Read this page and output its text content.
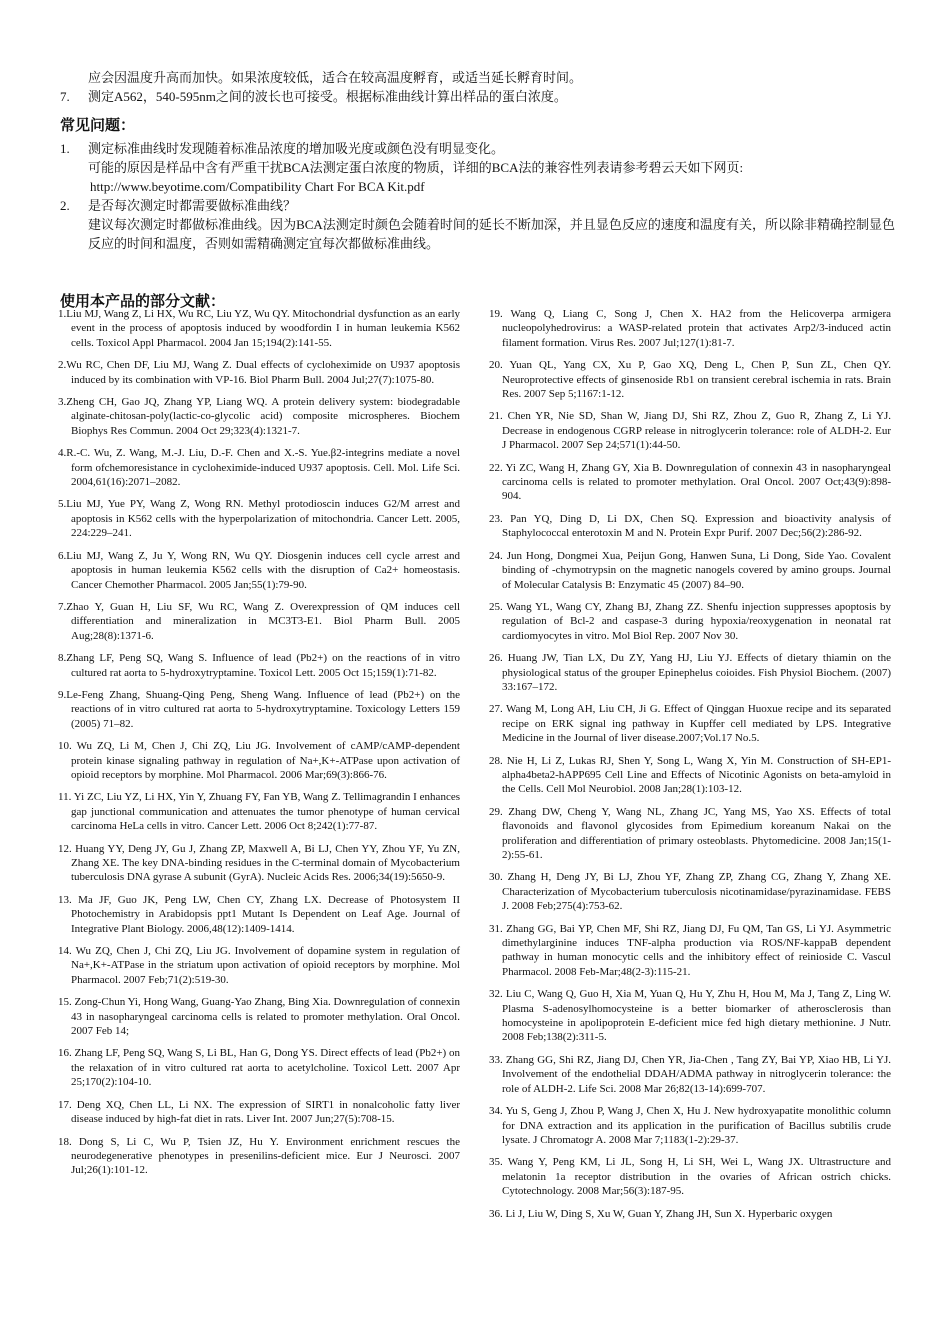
应会因温度升高而加快。如果浓度较低，适合在较高温度孵育，或适当延长孵育时间。
7. 测定A562，540-595nm之间的波长也可接受。根据标准曲线计算出样品的蛋白浓度。
常见问题：
1. 测定标准曲线时发现随着标准品浓度的增加吸光度或颜色没有明显变化。
可能的原因是样品中含有严重干扰BCA法测定蛋白浓度的物质，详细的BCA法的兼容性列表请参考碧云天如下网页:
http://www.beyotime.com/Compatibility Chart For BCA Kit.pdf
2. 是否每次测定时都需要做标准曲线？
建议每次测定时都做标准曲线。因为BCA法测定时颜色会随着时间的延长不断加深，并且显色反应的速度和温度有关，所以除非精确控制显色反应的时间和温度，否则如需精确测定宜每次都做标准曲线。
使用本产品的部分文献：
1.Liu MJ, Wang Z, Li HX, Wu RC, Liu YZ, Wu QY. Mitochondrial dysfunction as an early event in the process of apoptosis induced by woodfordin I in human leukemia K562 cells. Toxicol Appl Pharmacol. 2004 Jan 15;194(2):141-55.
2.Wu RC, Chen DF, Liu MJ, Wang Z. Dual effects of cycloheximide on U937 apoptosis induced by its combination with VP-16. Biol Pharm Bull. 2004 Jul;27(7):1075-80.
3.Zheng CH, Gao JQ, Zhang YP, Liang WQ. A protein delivery system: biodegradable alginate-chitosan-poly(lactic-co-glycolic acid) composite microspheres. Biochem Biophys Res Commun. 2004 Oct 29;323(4):1321-7.
4.R.-C. Wu, Z. Wang, M.-J. Liu, D.-F. Chen and X.-S. Yue.β2-integrins mediate a novel form ofchemoresistance in cycloheximide-induced U937 apoptosis. Cell. Mol. Life Sci. 2004,61(16):2071–2082.
5.Liu MJ, Yue PY, Wang Z, Wong RN. Methyl protodioscin induces G2/M arrest and apoptosis in K562 cells with the hyperpolarization of mitochondria. Cancer Lett. 2005, 224:229–241.
6.Liu MJ, Wang Z, Ju Y, Wong RN, Wu QY. Diosgenin induces cell cycle arrest and apoptosis in human leukemia K562 cells with the disruption of Ca2+ homeostasis. Cancer Chemother Pharmacol. 2005 Jan;55(1):79-90.
7.Zhao Y, Guan H, Liu SF, Wu RC, Wang Z. Overexpression of QM induces cell differentiation and mineralization in MC3T3-E1. Biol Pharm Bull. 2005 Aug;28(8):1371-6.
8.Zhang LF, Peng SQ, Wang S. Influence of lead (Pb2+) on the reactions of in vitro cultured rat aorta to 5-hydroxytryptamine. Toxicol Lett. 2005 Oct 15;159(1):71-82.
9.Le-Feng Zhang, Shuang-Qing Peng, Sheng Wang. Influence of lead (Pb2+) on the reactions of in vitro cultured rat aorta to 5-hydroxytryptamine. Toxicology Letters 159 (2005) 71–82.
10. Wu ZQ, Li M, Chen J, Chi ZQ, Liu JG. Involvement of cAMP/cAMP-dependent protein kinase signaling pathway in regulation of Na+,K+-ATPase upon activation of opioid receptors by morphine. Mol Pharmacol. 2006 Mar;69(3):866-76.
11. Yi ZC, Liu YZ, Li HX, Yin Y, Zhuang FY, Fan YB, Wang Z. Tellimagrandin I enhances gap junctional communication and attenuates the tumor phenotype of human cervical carcinoma HeLa cells in vitro. Cancer Lett. 2006 Oct 8;242(1):77-87.
12. Huang YY, Deng JY, Gu J, Zhang ZP, Maxwell A, Bi LJ, Chen YY, Zhou YF, Yu ZN, Zhang XE. The key DNA-binding residues in the C-terminal domain of Mycobacterium tuberculosis DNA gyrase A subunit (GyrA). Nucleic Acids Res. 2006;34(19):5650-9.
13. Ma JF, Guo JK, Peng LW, Chen CY, Zhang LX. Decrease of Photosystem II Photochemistry in Arabidopsis ppt1 Mutant Is Dependent on Leaf Age. Journal of Integrative Plant Biology. 2006,48(12):1409-1414.
14. Wu ZQ, Chen J, Chi ZQ, Liu JG. Involvement of dopamine system in regulation of Na+,K+-ATPase in the striatum upon activation of opioid receptors by morphine. Mol Pharmacol. 2007 Feb;71(2):519-30.
15. Zong-Chun Yi, Hong Wang, Guang-Yao Zhang, Bing Xia. Downregulation of connexin 43 in nasopharyngeal carcinoma cells is related to promoter methylation. Oral Oncol. 2007 Feb 14;
16. Zhang LF, Peng SQ, Wang S, Li BL, Han G, Dong YS. Direct effects of lead (Pb2+) on the relaxation of in vitro cultured rat aorta to acetylcholine. Toxicol Lett. 2007 Apr 25;170(2):104-10.
17. Deng XQ, Chen LL, Li NX. The expression of SIRT1 in nonalcoholic fatty liver disease induced by high-fat diet in rats. Liver Int. 2007 Jun;27(5):708-15.
18. Dong S, Li C, Wu P, Tsien JZ, Hu Y. Environment enrichment rescues the neurodegenerative phenotypes in presenilins-deficient mice. Eur J Neurosci. 2007 Jul;26(1):101-12.
19. Wang Q, Liang C, Song J, Chen X. HA2 from the Helicoverpa armigera nucleopolyhedrovirus: a WASP-related protein that activates Arp2/3-induced actin filament formation. Virus Res. 2007 Jul;127(1):81-7.
20. Yuan QL, Yang CX, Xu P, Gao XQ, Deng L, Chen P, Sun ZL, Chen QY. Neuroprotective effects of ginsenoside Rb1 on transient cerebral ischemia in rats. Brain Res. 2007 Sep 5;1167:1-12.
21. Chen YR, Nie SD, Shan W, Jiang DJ, Shi RZ, Zhou Z, Guo R, Zhang Z, Li YJ. Decrease in endogenous CGRP release in nitroglycerin tolerance: role of ALDH-2. Eur J Pharmacol. 2007 Sep 24;571(1):44-50.
22. Yi ZC, Wang H, Zhang GY, Xia B. Downregulation of connexin 43 in nasopharyngeal carcinoma cells is related to promoter methylation. Oral Oncol. 2007 Oct;43(9):898-904.
23. Pan YQ, Ding D, Li DX, Chen SQ. Expression and bioactivity analysis of Staphylococcal enterotoxin M and N. Protein Expr Purif. 2007 Dec;56(2):286-92.
24. Jun Hong, Dongmei Xua, Peijun Gong, Hanwen Suna, Li Dong, Side Yao. Covalent binding of -chymotrypsin on the magnetic nanogels covered by amino groups. Journal of Molecular Catalysis B: Enzymatic 45 (2007) 84–90.
25. Wang YL, Wang CY, Zhang BJ, Zhang ZZ. Shenfu injection suppresses apoptosis by regulation of Bcl-2 and caspase-3 during hypoxia/reoxygenation in neonatal rat cardiomyocytes in vitro. Mol Biol Rep. 2007 Nov 30.
26. Huang JW, Tian LX, Du ZY, Yang HJ, Liu YJ. Effects of dietary thiamin on the physiological status of the grouper Epinephelus coioides. Fish Physiol Biochem. (2007) 33:167–172.
27. Wang M, Long AH, Liu CH, Ji G. Effect of Qinggan Huoxue recipe and its separated recipe on ERK signal ing pathway in Kupffer cell mediated by LPS. Integrative Medicine in the Journal of liver disease.2007;Vol.17 No.5.
28. Nie H, Li Z, Lukas RJ, Shen Y, Song L, Wang X, Yin M. Construction of SH-EP1-alpha4beta2-hAPP695 Cell Line and Effects of Nicotinic Agonists on beta-amyloid in the Cells. Cell Mol Neurobiol. 2008 Jan;28(1):103-12.
29. Zhang DW, Cheng Y, Wang NL, Zhang JC, Yang MS, Yao XS. Effects of total flavonoids and flavonol glycosides from Epimedium koreanum Nakai on the proliferation and differentiation of primary osteoblasts. Phytomedicine. 2008 Jan;15(1-2):55-61.
30. Zhang H, Deng JY, Bi LJ, Zhou YF, Zhang ZP, Zhang CG, Zhang Y, Zhang XE. Characterization of Mycobacterium tuberculosis nicotinamidase/pyrazinamidase. FEBS J. 2008 Feb;275(4):753-62.
31. Zhang GG, Bai YP, Chen MF, Shi RZ, Jiang DJ, Fu QM, Tan GS, Li YJ. Asymmetric dimethylarginine induces TNF-alpha production via ROS/NF-kappaB dependent pathway in human monocytic cells and the inhibitory effect of reinioside C. Vascul Pharmacol. 2008 Feb-Mar;48(2-3):115-21.
32. Liu C, Wang Q, Guo H, Xia M, Yuan Q, Hu Y, Zhu H, Hou M, Ma J, Tang Z, Ling W. Plasma S-adenosylhomocysteine is a better biomarker of atherosclerosis than homocysteine in apolipoprotein E-deficient mice fed high dietary methionine. J Nutr. 2008 Feb;138(2):311-5.
33. Zhang GG, Shi RZ, Jiang DJ, Chen YR, Jia-Chen , Tang ZY, Bai YP, Xiao HB, Li YJ. Involvement of the endothelial DDAH/ADMA pathway in nitroglycerin tolerance: the role of ALDH-2. Life Sci. 2008 Mar 26;82(13-14):699-707.
34. Yu S, Geng J, Zhou P, Wang J, Chen X, Hu J. New hydroxyapatite monolithic column for DNA extraction and its application in the purification of Bacillus subtilis crude lysate. J Chromatogr A. 2008 Mar 7;1183(1-2):29-37.
35. Wang Y, Peng KM, Li JL, Song H, Li SH, Wei L, Wang JX. Ultrastructure and melatonin 1a receptor distribution in the ovaries of African ostrich chicks. Cytotechnology. 2008 Mar;56(3):187-95.
36. Li J, Liu W, Ding S, Xu W, Guan Y, Zhang JH, Sun X. Hyperbaric oxygen
